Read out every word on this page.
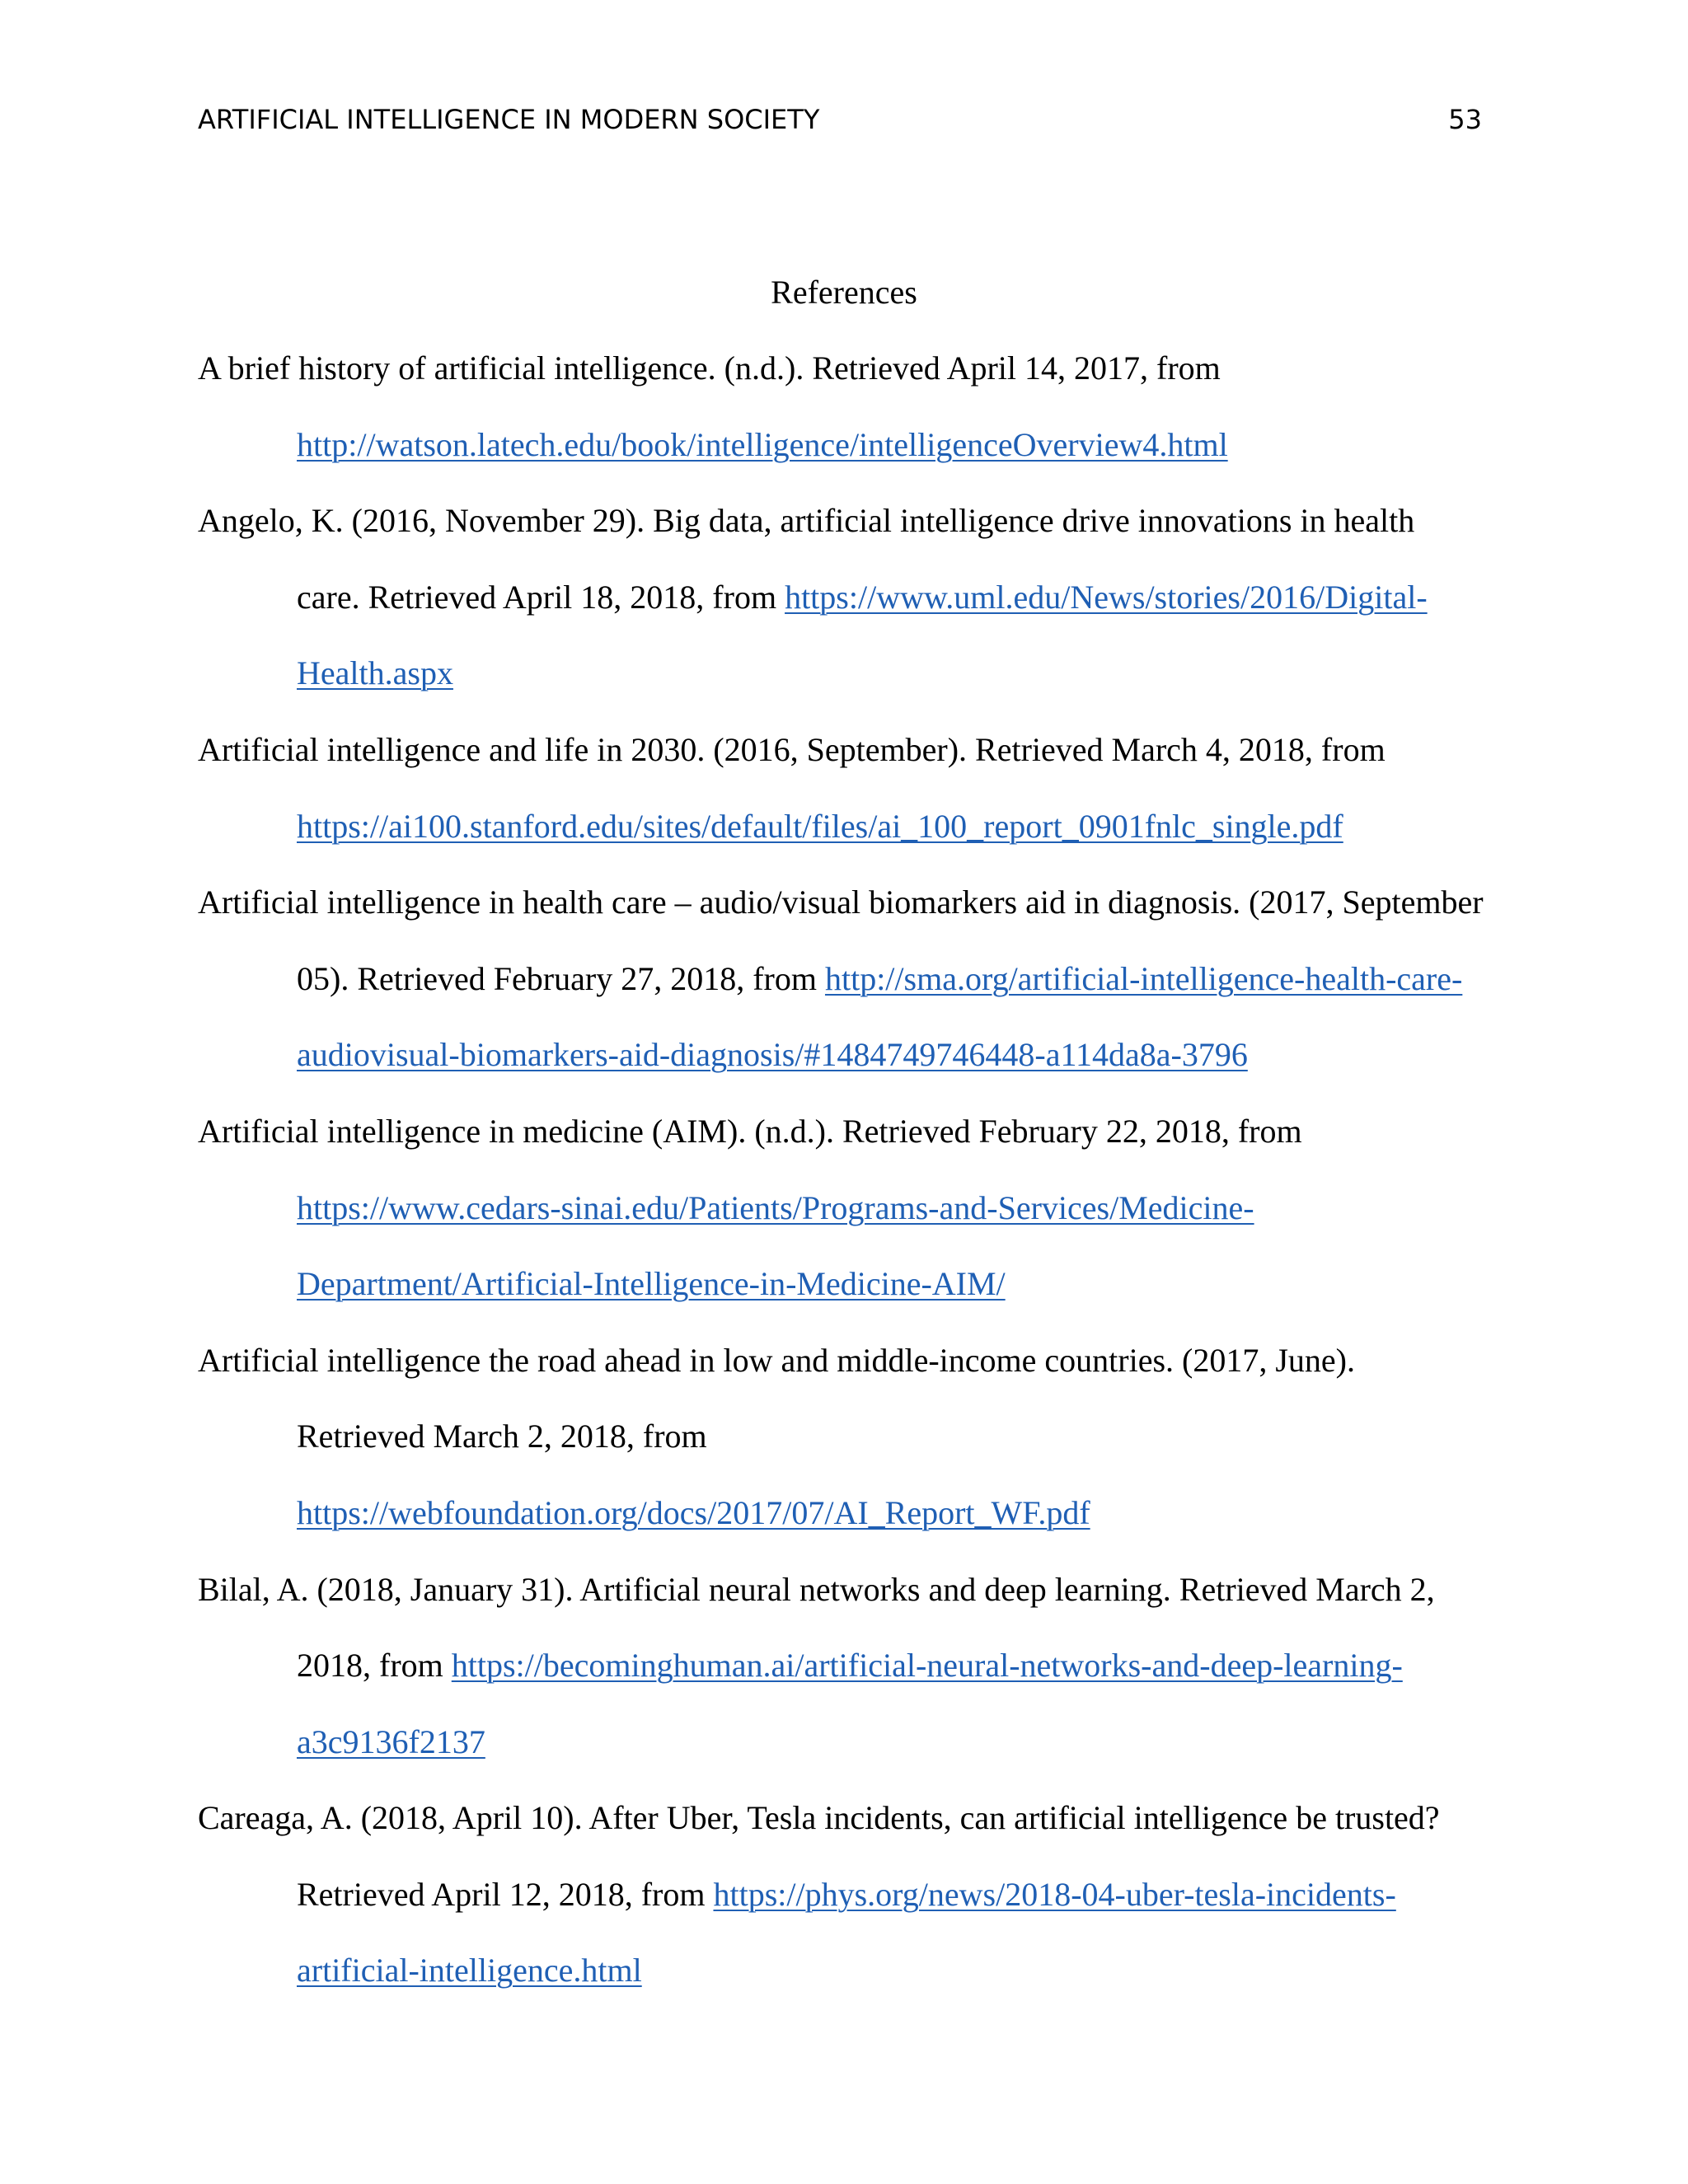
ARTIFICIAL INTELLIGENCE IN MODERN SOCIETY	53
References
A brief history of artificial intelligence. (n.d.). Retrieved April 14, 2017, from
http://watson.latech.edu/book/intelligence/intelligenceOverview4.html
Angelo, K. (2016, November 29). Big data, artificial intelligence drive innovations in health
care. Retrieved April 18, 2018, from https://www.uml.edu/News/stories/2016/Digital-
Health.aspx
Artificial intelligence and life in 2030. (2016, September). Retrieved March 4, 2018, from
https://ai100.stanford.edu/sites/default/files/ai_100_report_0901fnlc_single.pdf
Artificial intelligence in health care – audio/visual biomarkers aid in diagnosis. (2017, September
05). Retrieved February 27, 2018, from http://sma.org/artificial-intelligence-health-care-
audiovisual-biomarkers-aid-diagnosis/#1484749746448-a114da8a-3796
Artificial intelligence in medicine (AIM). (n.d.). Retrieved February 22, 2018, from
https://www.cedars-sinai.edu/Patients/Programs-and-Services/Medicine-
Department/Artificial-Intelligence-in-Medicine-AIM/
Artificial intelligence the road ahead in low and middle-income countries. (2017, June).
Retrieved March 2, 2018, from
https://webfoundation.org/docs/2017/07/AI_Report_WF.pdf
Bilal, A. (2018, January 31). Artificial neural networks and deep learning. Retrieved March 2,
2018, from https://becominghuman.ai/artificial-neural-networks-and-deep-learning-
a3c9136f2137
Careaga, A. (2018, April 10). After Uber, Tesla incidents, can artificial intelligence be trusted?
Retrieved April 12, 2018, from https://phys.org/news/2018-04-uber-tesla-incidents-
artificial-intelligence.html
